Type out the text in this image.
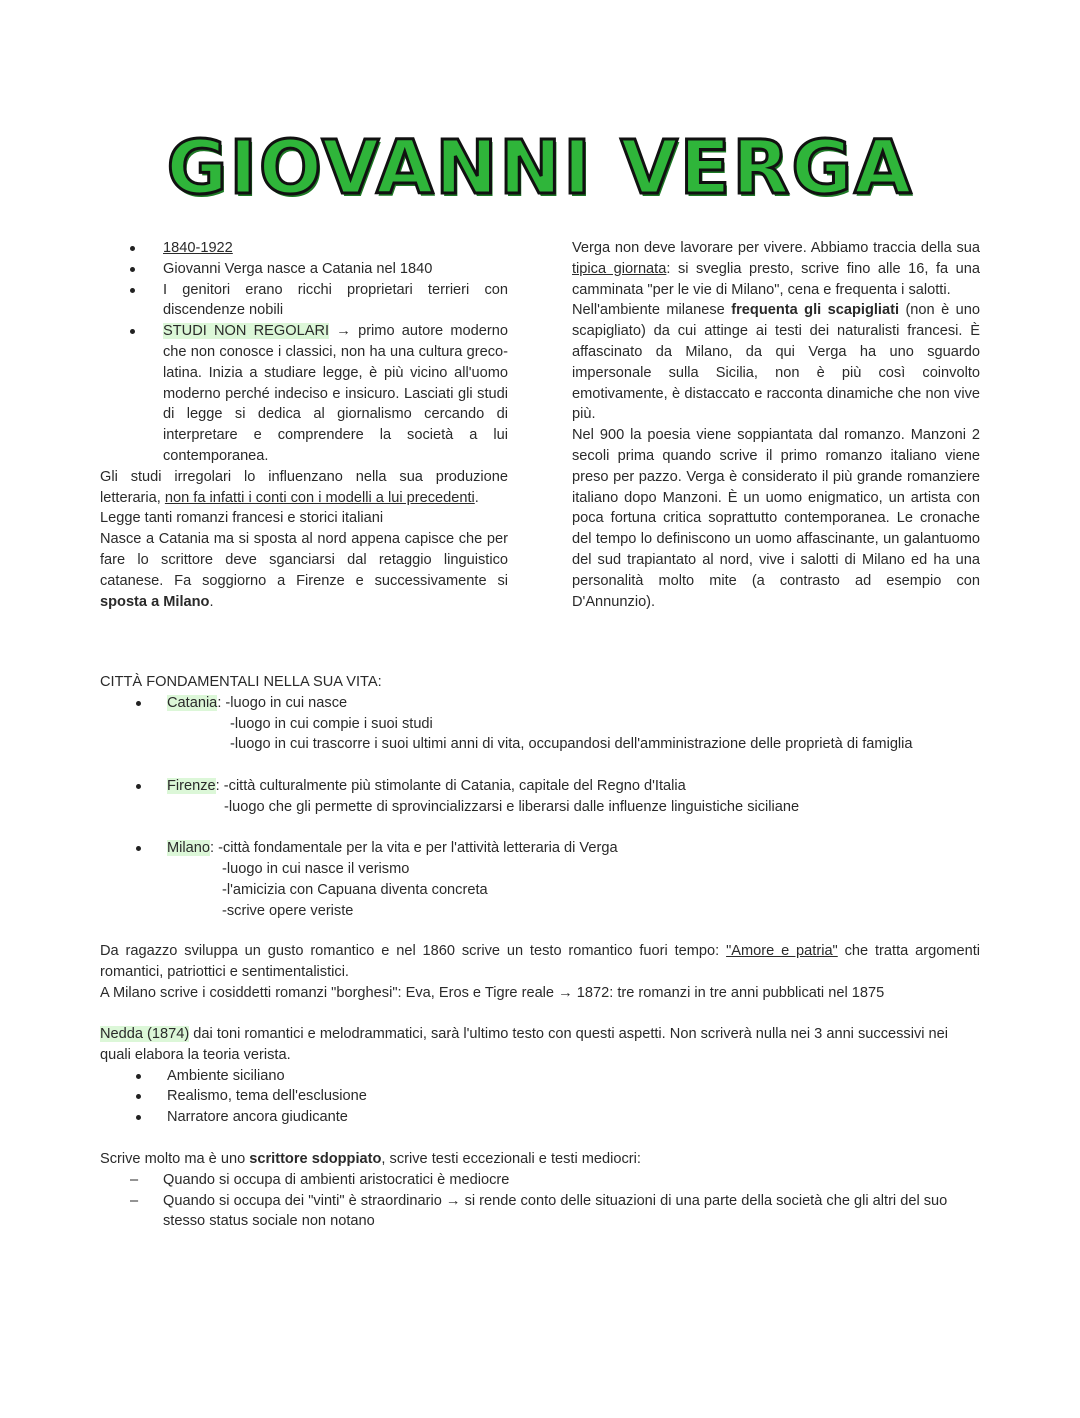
GIOVANNI VERGA
1840-1922
Giovanni Verga nasce a Catania nel 1840
I genitori erano ricchi proprietari terrieri con discendenze nobili
STUDI NON REGOLARI → primo autore moderno che non conosce i classici, non ha una cultura greco-latina. Inizia a studiare legge, è più vicino all'uomo moderno perché indeciso e insicuro. Lasciati gli studi di legge si dedica al giornalismo cercando di interpretare e comprendere la società a lui contemporanea.

Gli studi irregolari lo influenzano nella sua produzione letteraria, non fa infatti i conti con i modelli a lui precedenti.

Legge tanti romanzi francesi e storici italiani

Nasce a Catania ma si sposta al nord appena capisce che per fare lo scrittore deve sganciarsi dal retaggio linguistico catanese. Fa soggiorno a Firenze e successivamente si sposta a Milano.

Verga non deve lavorare per vivere. Abbiamo traccia della sua tipica giornata: si sveglia presto, scrive fino alle 16, fa una camminata "per le vie di Milano", cena e frequenta i salotti.

Nell'ambiente milanese frequenta gli scapigliati (non è uno scapigliato) da cui attinge ai testi dei naturalisti francesi. È affascinato da Milano, da qui Verga ha uno sguardo impersonale sulla Sicilia, non è più così coinvolto emotivamente, è distaccato e racconta dinamiche che non vive più.

Nel 900 la poesia viene soppiantata dal romanzo. Manzoni 2 secoli prima quando scrive il primo romanzo italiano viene preso per pazzo. Verga è considerato il più grande romanziere italiano dopo Manzoni. È un uomo enigmatico, un artista con poca fortuna critica soprattutto contemporanea. Le cronache del tempo lo definiscono un uomo affascinante, un galantuomo del sud trapiantato al nord, vive i salotti di Milano ed ha una personalità molto mite (a contrasto ad esempio con D'Annunzio).

CITTÀ FONDAMENTALI NELLA SUA VITA:

Catania: -luogo in cui nasce
-luogo in cui compie i suoi studi
-luogo in cui trascorre i suoi ultimi anni di vita, occupandosi dell'amministrazione delle proprietà di famiglia
Firenze: -città culturalmente più stimolante di Catania, capitale del Regno d'Italia
-luogo che gli permette di sprovincializzarsi e liberarsi dalle influenze linguistiche siciliane
Milano: -città fondamentale per la vita e per l'attività letteraria di Verga
-luogo in cui nasce il verismo
-l'amicizia con Capuana diventa concreta
-scrive opere veriste

Da ragazzo sviluppa un gusto romantico e nel 1860 scrive un testo romantico fuori tempo: "Amore e patria" che tratta argomenti romantici, patriottici e sentimentalistici.

A Milano scrive i cosiddetti romanzi "borghesi": Eva, Eros e Tigre reale → 1872: tre romanzi in tre anni pubblicati nel 1875

Nedda (1874) dai toni romantici e melodrammatici, sarà l'ultimo testo con questi aspetti. Non scriverà nulla nei 3 anni successivi nei quali elabora la teoria verista.

Ambiente siciliano
Realismo, tema dell'esclusione
Narratore ancora giudicante

Scrive molto ma è uno scrittore sdoppiato, scrive testi eccezionali e testi mediocri:

– Quando si occupa di ambienti aristocratici è mediocre
– Quando si occupa dei "vinti" è straordinario → si rende conto delle situazioni di una parte della società che gli altri del suo stesso status sociale non notano
